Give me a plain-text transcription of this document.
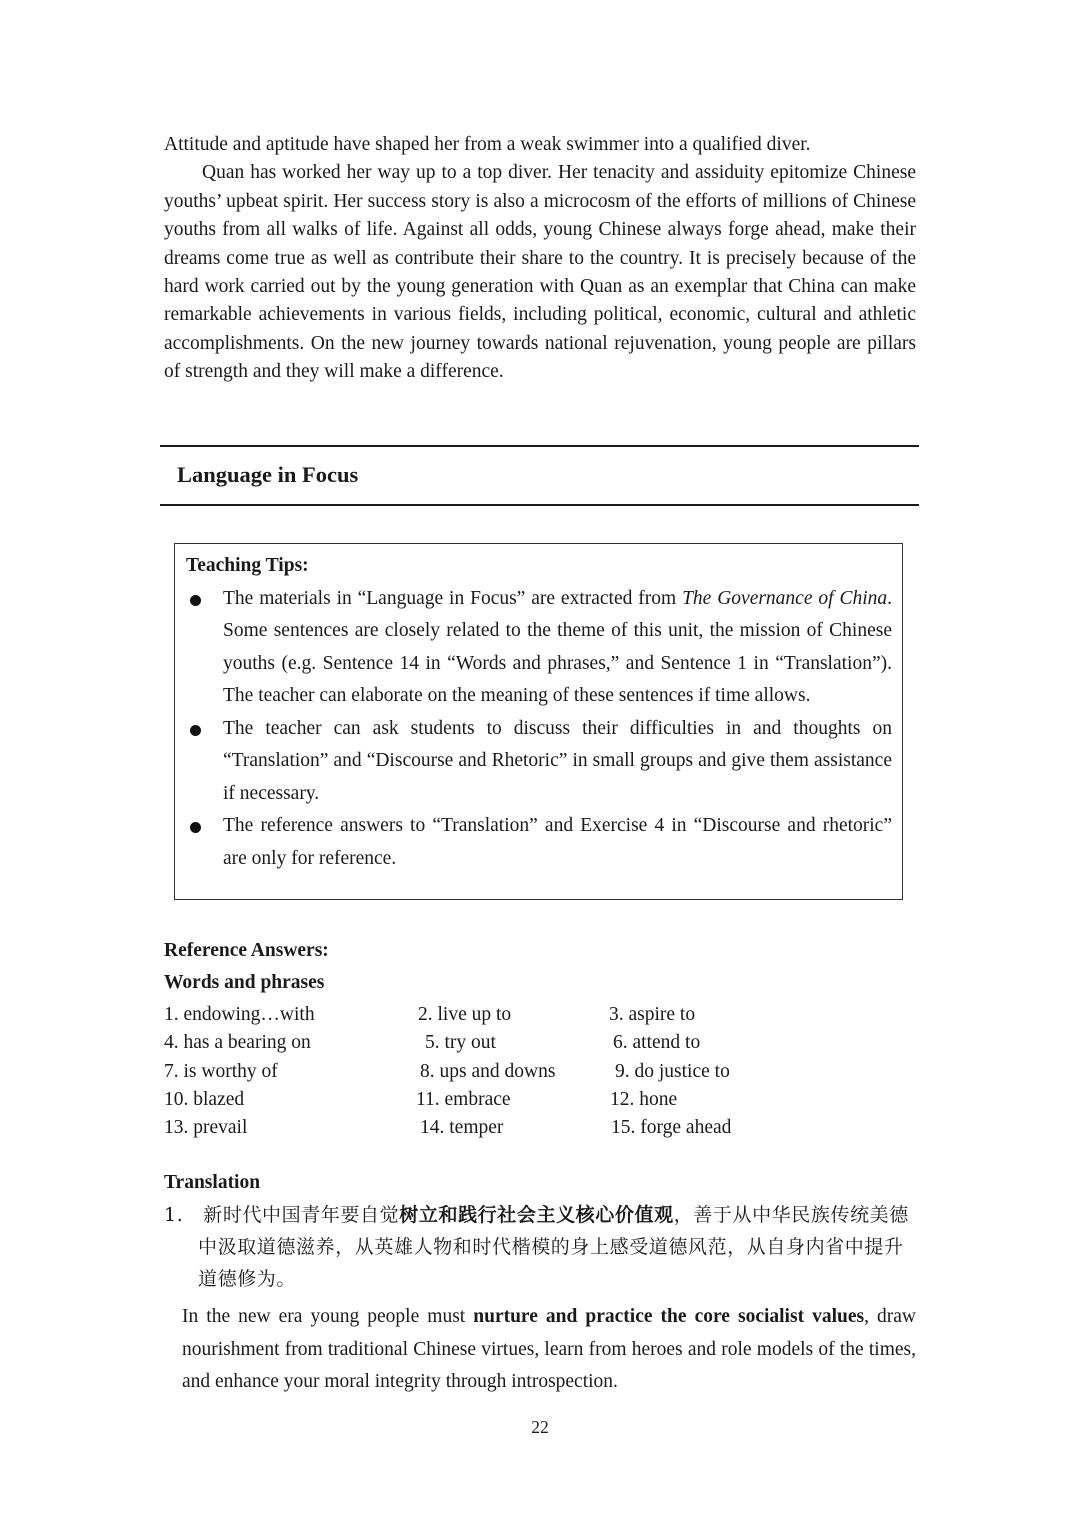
Attitude and aptitude have shaped her from a weak swimmer into a qualified diver.

Quan has worked her way up to a top diver. Her tenacity and assiduity epitomize Chinese youths’ upbeat spirit. Her success story is also a microcosm of the efforts of millions of Chinese youths from all walks of life. Against all odds, young Chinese always forge ahead, make their dreams come true as well as contribute their share to the country. It is precisely because of the hard work carried out by the young generation with Quan as an exemplar that China can make remarkable achievements in various fields, including political, economic, cultural and athletic accomplishments. On the new journey towards national rejuvenation, young people are pillars of strength and they will make a difference.

Language in Focus
Teaching Tips:
The materials in “Language in Focus” are extracted from The Governance of China. Some sentences are closely related to the theme of this unit, the mission of Chinese youths (e.g. Sentence 14 in “Words and phrases,” and Sentence 1 in “Translation”). The teacher can elaborate on the meaning of these sentences if time allows.
The teacher can ask students to discuss their difficulties in and thoughts on “Translation” and “Discourse and Rhetoric” in small groups and give them assistance if necessary.
The reference answers to “Translation” and Exercise 4 in “Discourse and rhetoric” are only for reference.
Reference Answers:
Words and phrases
1. endowing…with	2. live up to	3. aspire to
4. has a bearing on	5. try out	6. attend to
7. is worthy of	8. ups and downs	9. do justice to
10. blazed	11. embrace	12. hone
13. prevail	14. temper	15. forge ahead
Translation

1. 新时代中国青年要自觉树立和践行社会主义核心价值观，善于从中华民族传统美德中汲取道德滋养，从英雄人物和时代楷模的身上感受道德风范，从自身内省中提升道德修为。

In the new era young people must nurture and practice the core socialist values, draw nourishment from traditional Chinese virtues, learn from heroes and role models of the times, and enhance your moral integrity through introspection.

22
